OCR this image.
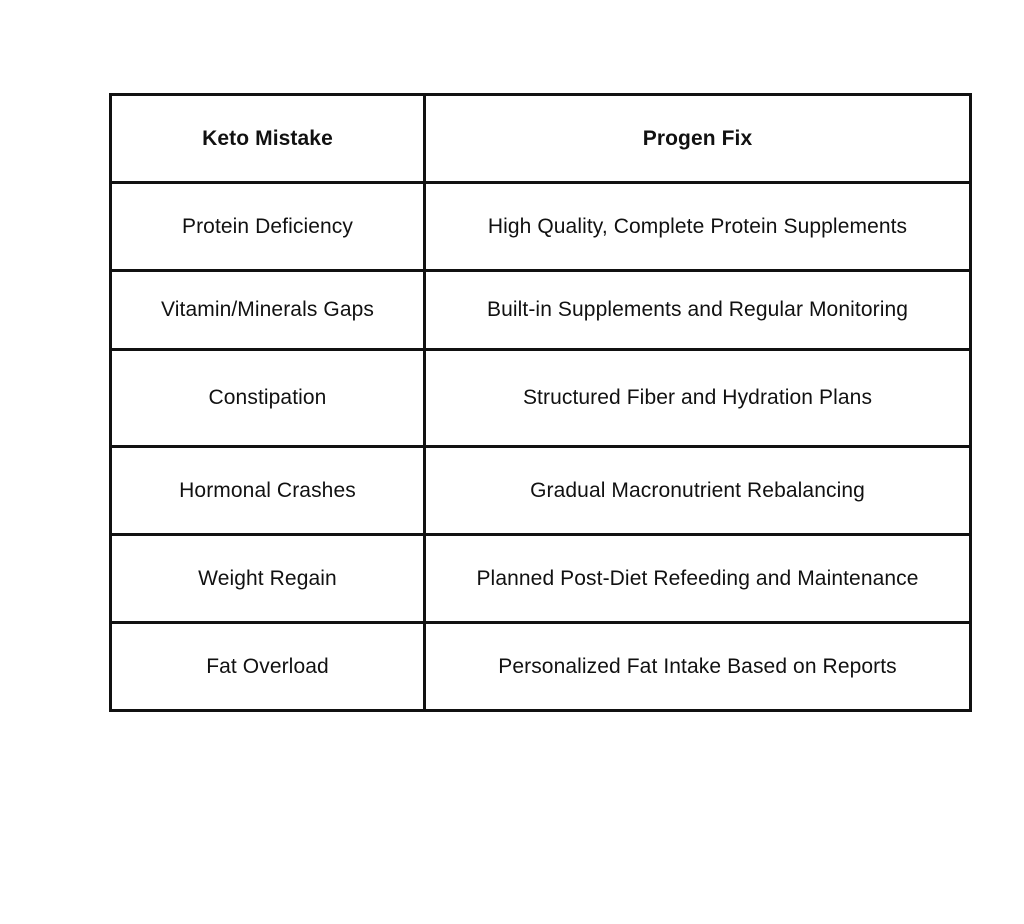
Keto Mistake	Progen Fix
Protein Deficiency	High Quality, Complete Protein Supplements
Vitamin/Minerals Gaps	Built-in Supplements and Regular Monitoring
Constipation	Structured Fiber and Hydration Plans
Hormonal Crashes	Gradual Macronutrient Rebalancing
Weight Regain	Planned Post-Diet Refeeding and Maintenance
Fat Overload	Personalized Fat Intake Based on Reports
